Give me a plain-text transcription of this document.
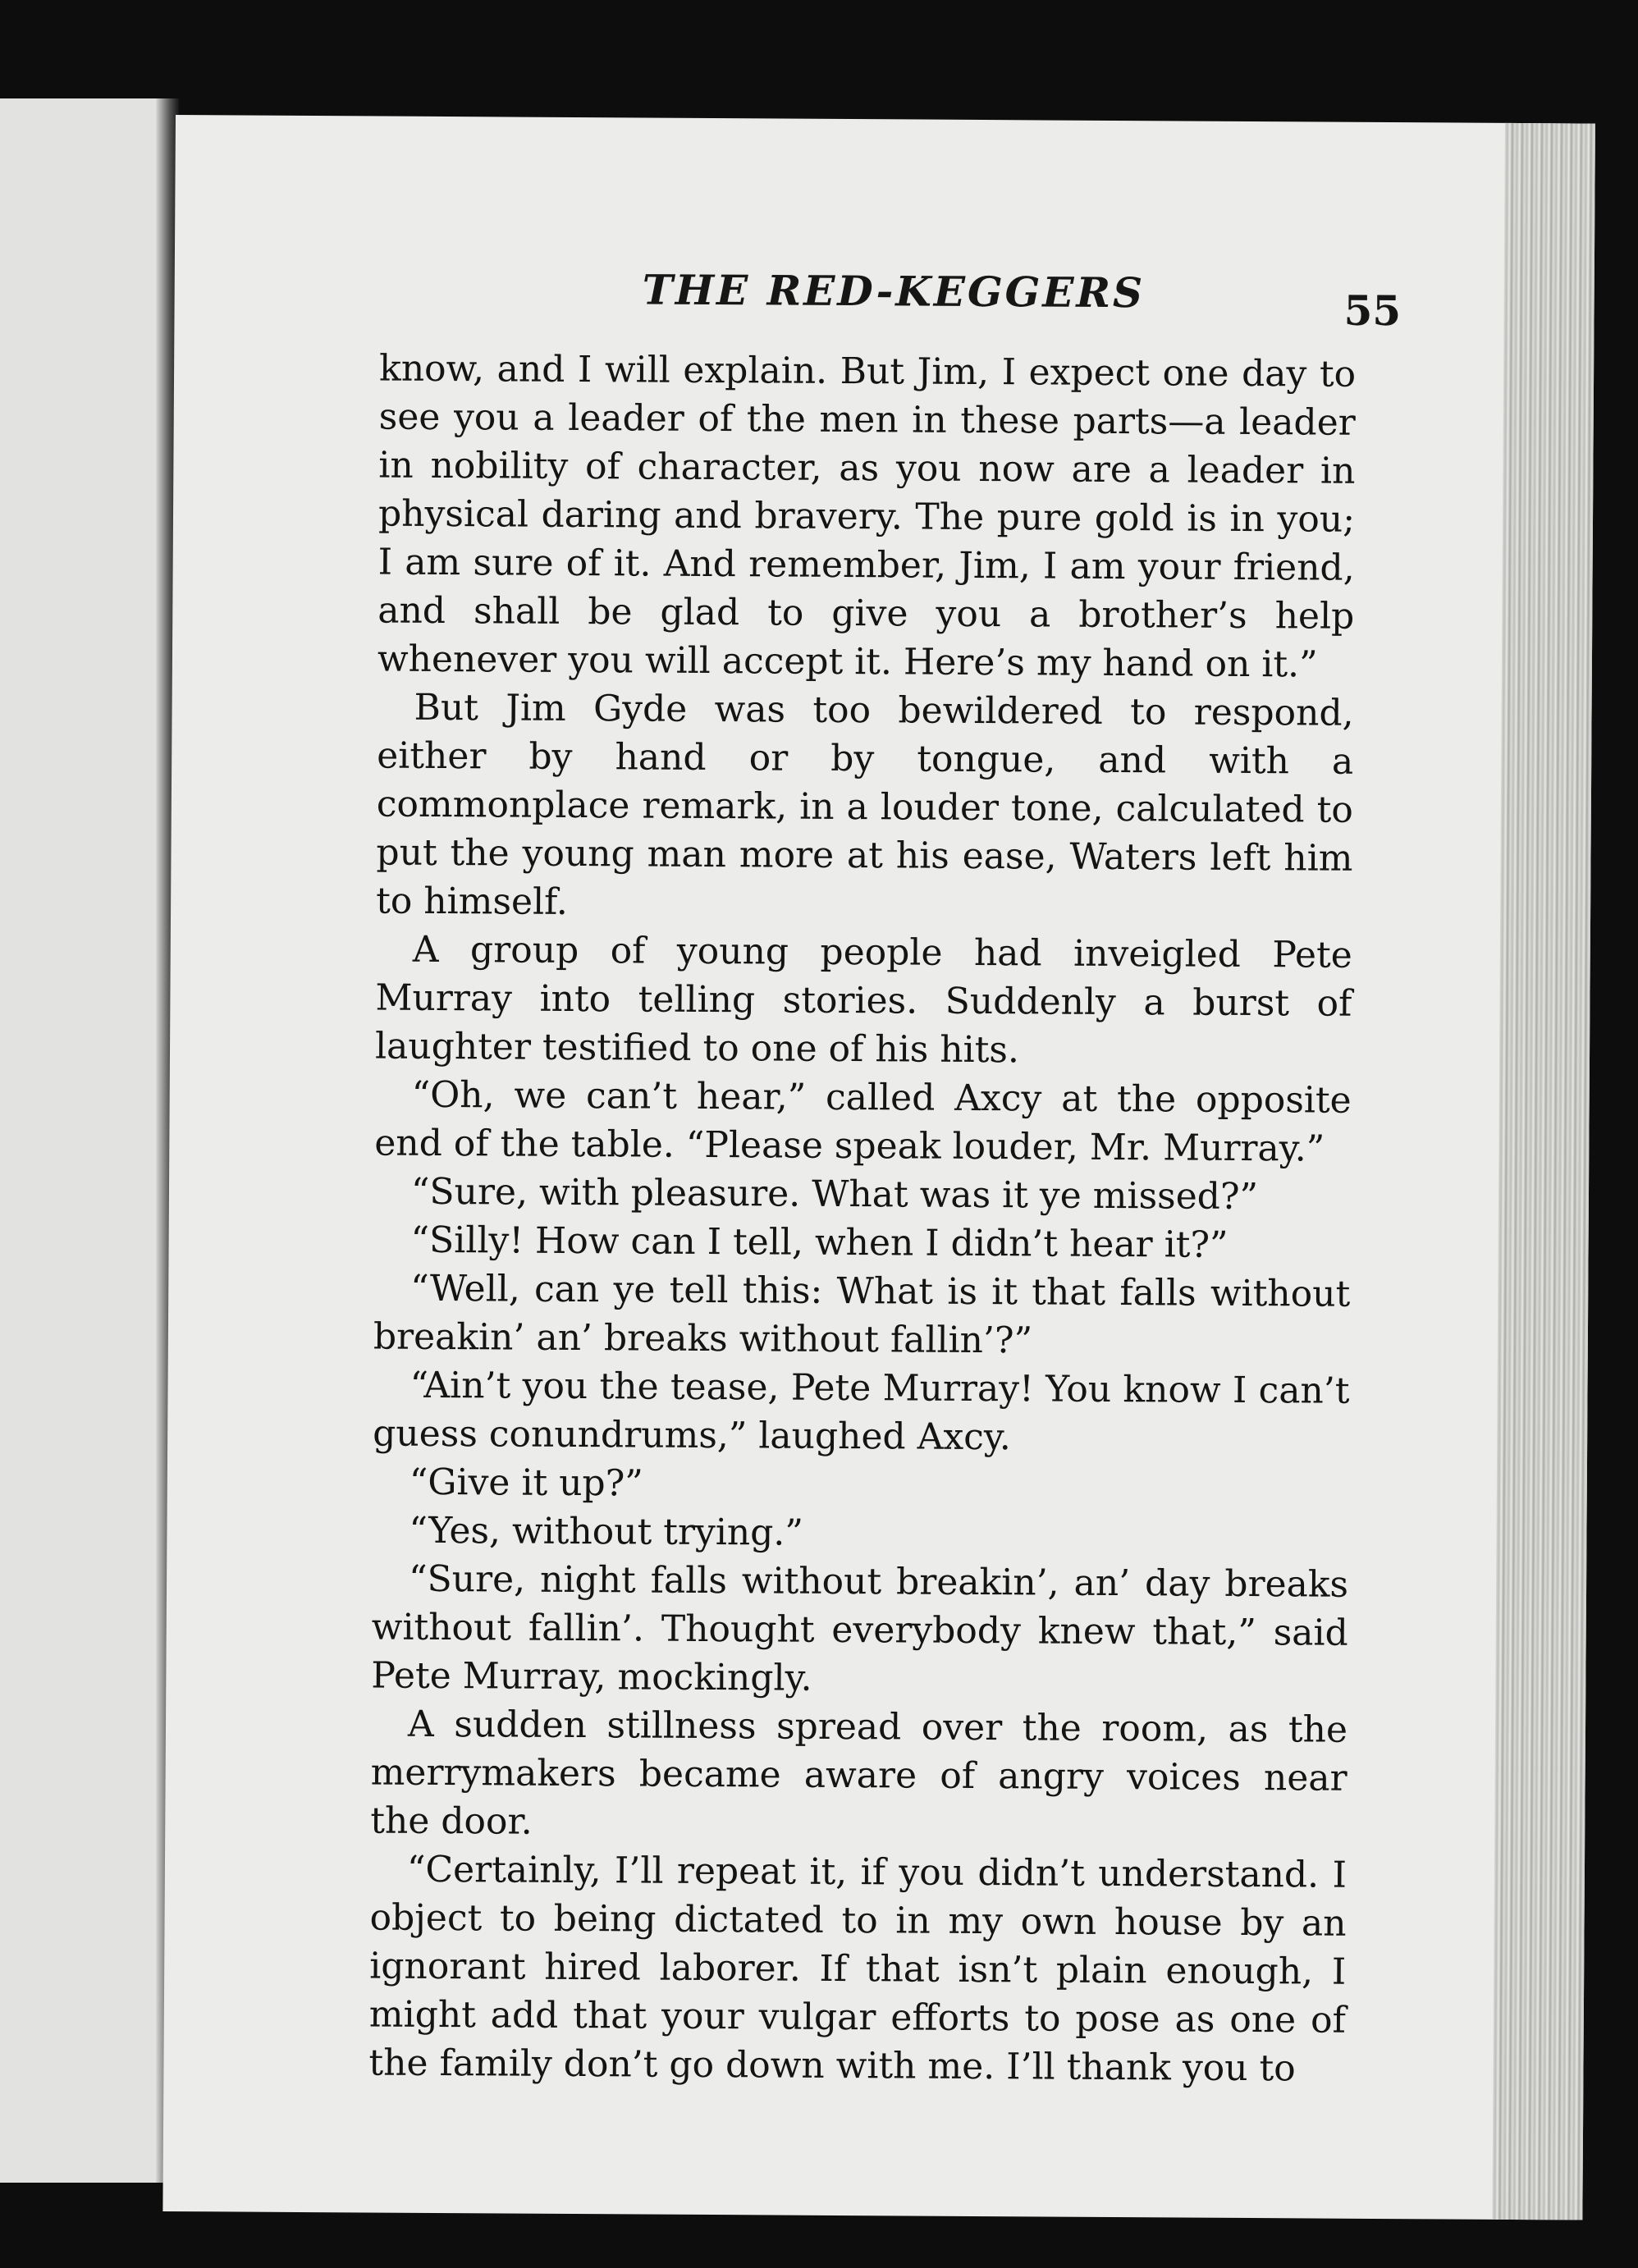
THE RED-KEGGERS	55

know, and I will explain. But Jim, I expect one day to see you a leader of the men in these parts—a leader in nobility of character, as you now are a leader in physical daring and bravery. The pure gold is in you; I am sure of it. And remember, Jim, I am your friend, and shall be glad to give you a brother’s help whenever you will accept it. Here’s my hand on it.”

But Jim Gyde was too bewildered to respond, either by hand or by tongue, and with a commonplace remark, in a louder tone, calculated to put the young man more at his ease, Waters left him to himself.

A group of young people had inveigled Pete Murray into telling stories. Suddenly a burst of laughter testified to one of his hits.

“Oh, we can’t hear,” called Axcy at the opposite end of the table. “Please speak louder, Mr. Murray.”

“Sure, with pleasure. What was it ye missed?”

“Silly! How can I tell, when I didn’t hear it?”

“Well, can ye tell this: What is it that falls without breakin’ an’ breaks without fallin’?”

“Ain’t you the tease, Pete Murray! You know I can’t guess conundrums,” laughed Axcy.

“Give it up?”

“Yes, without trying.”

“Sure, night falls without breakin’, an’ day breaks without fallin’. Thought everybody knew that,” said Pete Murray, mockingly.

A sudden stillness spread over the room, as the merrymakers became aware of angry voices near the door.

“Certainly, I’ll repeat it, if you didn’t understand. I object to being dictated to in my own house by an ignorant hired laborer. If that isn’t plain enough, I might add that your vulgar efforts to pose as one of the family don’t go down with me. I’ll thank you to
